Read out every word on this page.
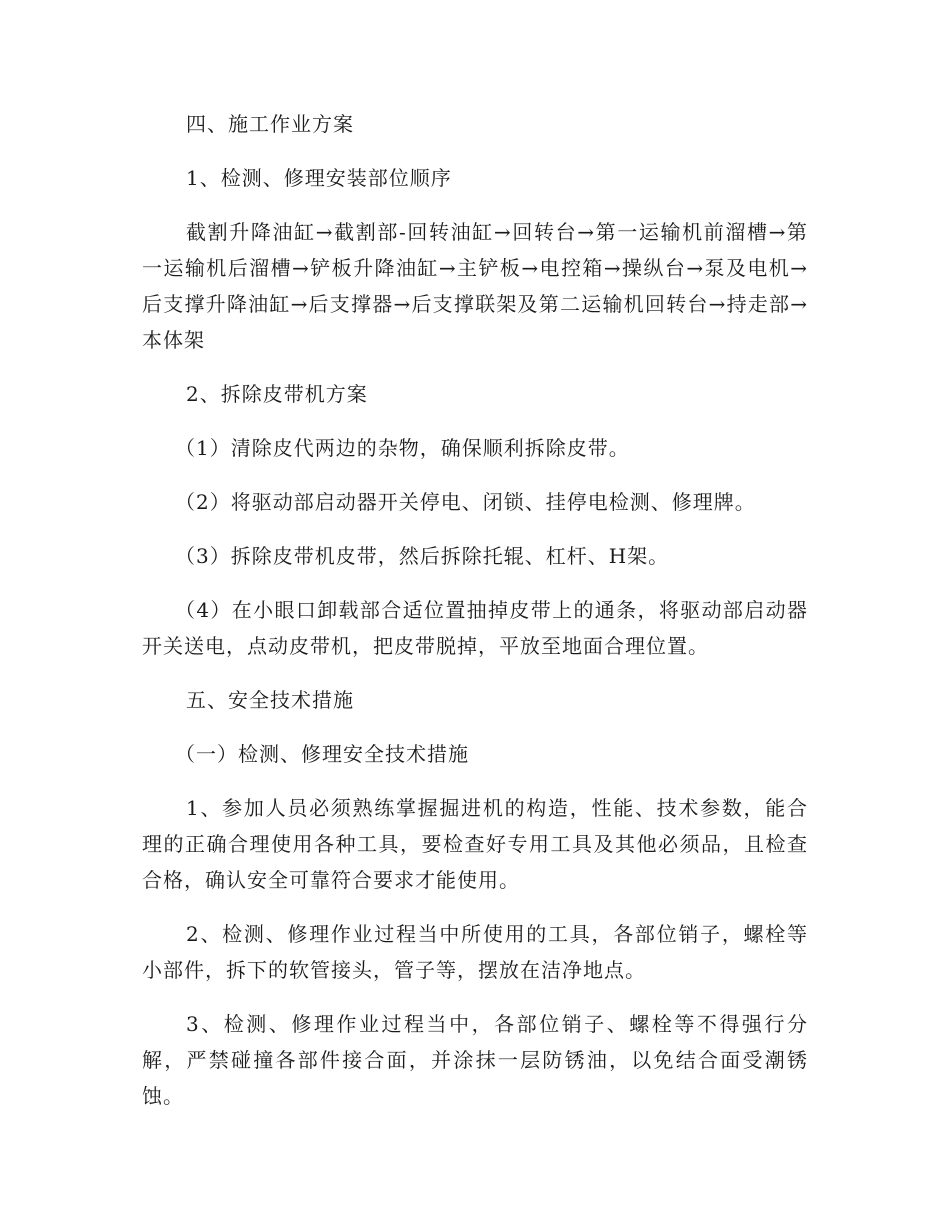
四、施工作业方案

1、检测、修理安装部位顺序

截割升降油缸→截割部-回转油缸→回转台→第一运输机前溜槽→第一运输机后溜槽→铲板升降油缸→主铲板→电控箱→操纵台→泵及电机→后支撑升降油缸→后支撑器→后支撑联架及第二运输机回转台→持走部→本体架

2、拆除皮带机方案

（1）清除皮代两边的杂物，确保顺利拆除皮带。

（2）将驱动部启动器开关停电、闭锁、挂停电检测、修理牌。

（3）拆除皮带机皮带，然后拆除托辊、杠杆、H架。

（4）在小眼口卸载部合适位置抽掉皮带上的通条，将驱动部启动器开关送电，点动皮带机，把皮带脱掉，平放至地面合理位置。

五、安全技术措施

（一）检测、修理安全技术措施

1、参加人员必须熟练掌握掘进机的构造，性能、技术参数，能合理的正确合理使用各种工具，要检查好专用工具及其他必须品，且检查合格，确认安全可靠符合要求才能使用。

2、检测、修理作业过程当中所使用的工具，各部位销子，螺栓等小部件，拆下的软管接头，管子等，摆放在洁净地点。

3、检测、修理作业过程当中，各部位销子、螺栓等不得强行分解，严禁碰撞各部件接合面，并涂抹一层防锈油，以免结合面受潮锈蚀。
